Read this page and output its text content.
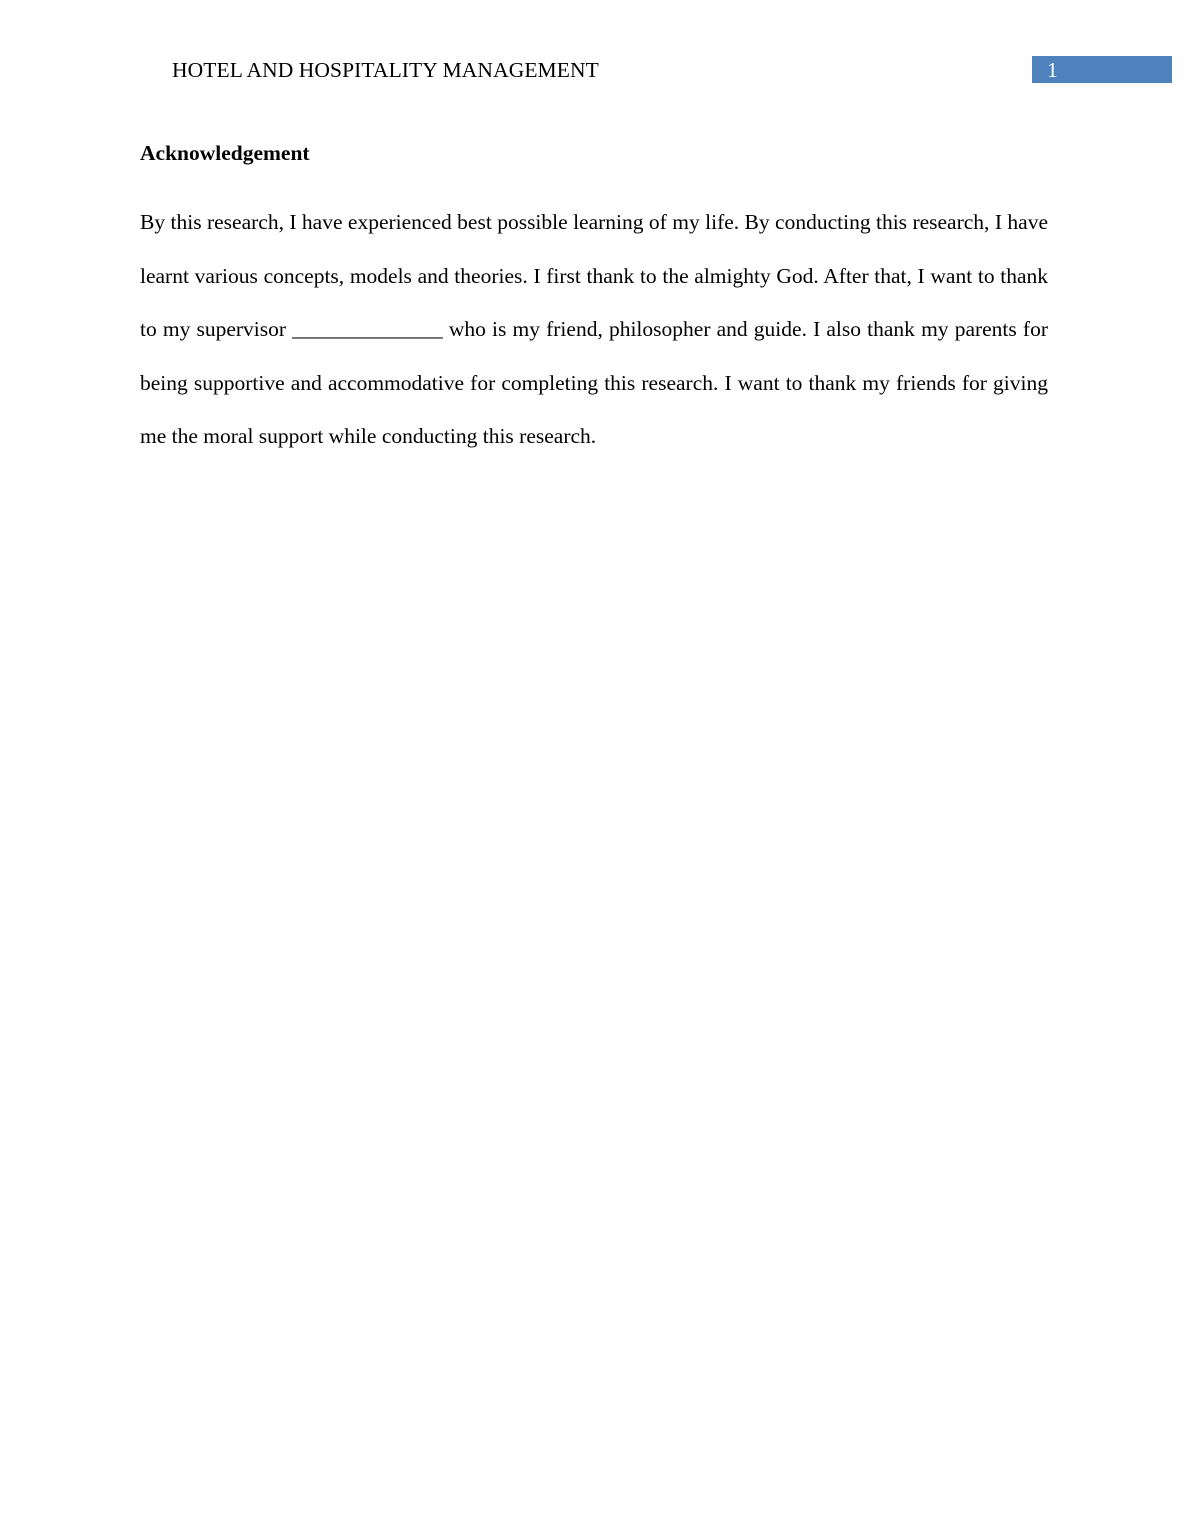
HOTEL AND HOSPITALITY MANAGEMENT	1
Acknowledgement

By this research, I have experienced best possible learning of my life. By conducting this research, I have learnt various concepts, models and theories. I first thank to the almighty God. After that, I want to thank to my supervisor ______________ who is my friend, philosopher and guide. I also thank my parents for being supportive and accommodative for completing this research. I want to thank my friends for giving me the moral support while conducting this research.
